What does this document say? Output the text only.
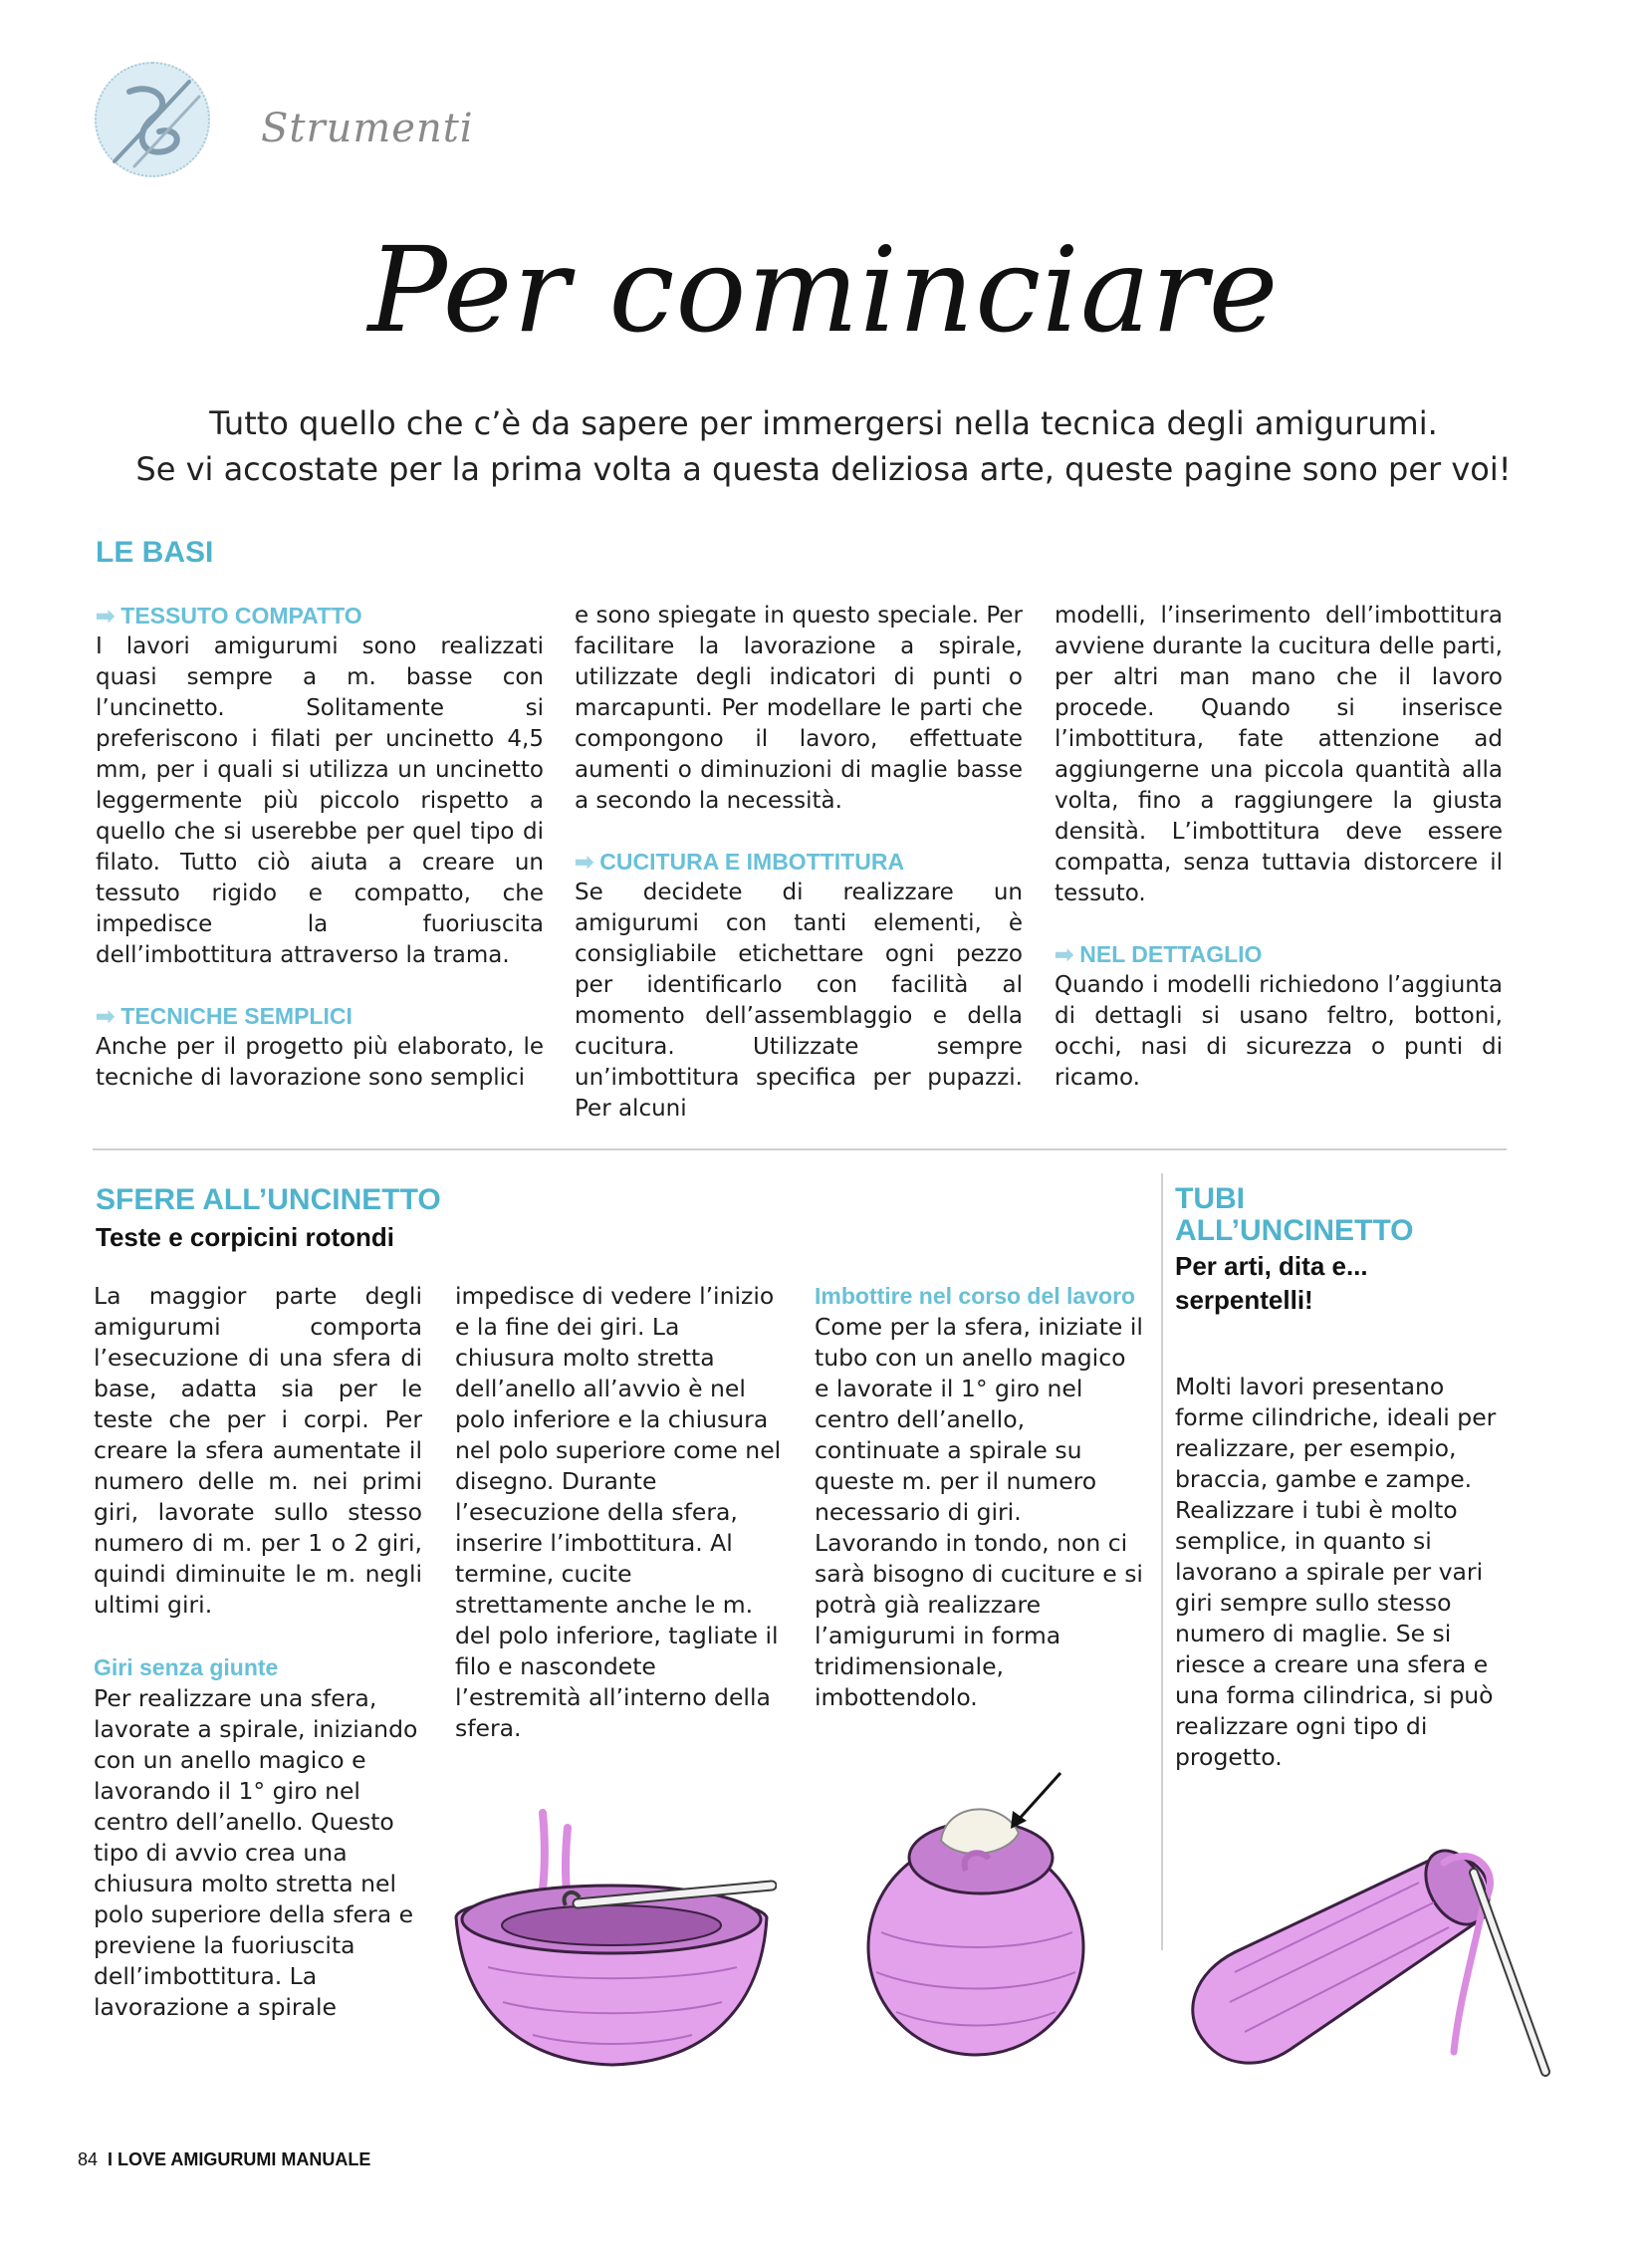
Strumenti
Per cominciare
Tutto quello che c’è da sapere per immergersi nella tecnica degli amigurumi.
Se vi accostate per la prima volta a questa deliziosa arte, queste pagine sono per voi!
LE BASI
➡ TESSUTO COMPATTO
I lavori amigurumi sono realizzati quasi sempre a m. basse con l’uncinetto. Solitamente si preferiscono i filati per uncinetto 4,5 mm, per i quali si utilizza un uncinetto leggermente più piccolo rispetto a quello che si userebbe per quel tipo di filato. Tutto ciò aiuta a creare un tessuto rigido e compatto, che impedisce la fuoriuscita dell’imbottitura attraverso la trama.
➡ TECNICHE SEMPLICI
Anche per il progetto più elaborato, le tecniche di lavorazione sono semplici
e sono spiegate in questo speciale. Per facilitare la lavorazione a spirale, utilizzate degli indicatori di punti o marcapunti. Per modellare le parti che compongono il lavoro, effettuate aumenti o diminuzioni di maglie basse a secondo la necessità.
➡ CUCITURA E IMBOTTITURA
Se decidete di realizzare un amigurumi con tanti elementi, è consigliabile etichettare ogni pezzo per identificarlo con facilità al momento dell’assemblaggio e della cucitura. Utilizzate sempre un’imbottitura specifica per pupazzi. Per alcuni
modelli, l’inserimento dell’imbottitura avviene durante la cucitura delle parti, per altri man mano che il lavoro procede. Quando si inserisce l’imbottitura, fate attenzione ad aggiungerne una piccola quantità alla volta, fino a raggiungere la giusta densità. L’imbottitura deve essere compatta, senza tuttavia distorcere il tessuto.
➡ NEL DETTAGLIO
Quando i modelli richiedono l’aggiunta di dettagli si usano feltro, bottoni, occhi, nasi di sicurezza o punti di ricamo.
SFERE ALL’UNCINETTO
Teste e corpicini rotondi
La maggior parte degli amigurumi comporta l’esecuzione di una sfera di base, adatta sia per le teste che per i corpi. Per creare la sfera aumentate il numero delle m. nei primi giri, lavorate sullo stesso numero di m. per 1 o 2 giri, quindi diminuite le m. negli ultimi giri.
Giri senza giunte
Per realizzare una sfera, lavorate a spirale, iniziando con un anello magico e lavorando il 1° giro nel centro dell’anello. Questo tipo di avvio crea una chiusura molto stretta nel polo superiore della sfera e previene la fuoriuscita dell’imbottitura. La lavorazione a spirale
impedisce di vedere l’inizio e la fine dei giri. La chiusura molto stretta dell’anello all’avvio è nel polo inferiore e la chiusura nel polo superiore come nel disegno. Durante l’esecuzione della sfera, inserire l’imbottitura. Al termine, cucite strettamente anche le m. del polo inferiore, tagliate il filo e nascondete l’estremità all’interno della sfera.
Imbottire nel corso del lavoro
Come per la sfera, iniziate il tubo con un anello magico e lavorate il 1° giro nel centro dell’anello, continuate a spirale su queste m. per il numero necessario di giri. Lavorando in tondo, non ci sarà bisogno di cuciture e si potrà già realizzare l’amigurumi in forma tridimensionale, imbottendolo.
TUBI ALL’UNCINETTO
Per arti, dita e... serpentelli!
Molti lavori presentano forme cilindriche, ideali per realizzare, per esempio, braccia, gambe e zampe. Realizzare i tubi è molto semplice, in quanto si lavorano a spirale per vari giri sempre sullo stesso numero di maglie. Se si riesce a creare una sfera e una forma cilindrica, si può realizzare ogni tipo di progetto.
84 I LOVE AMIGURUMI MANUALE
